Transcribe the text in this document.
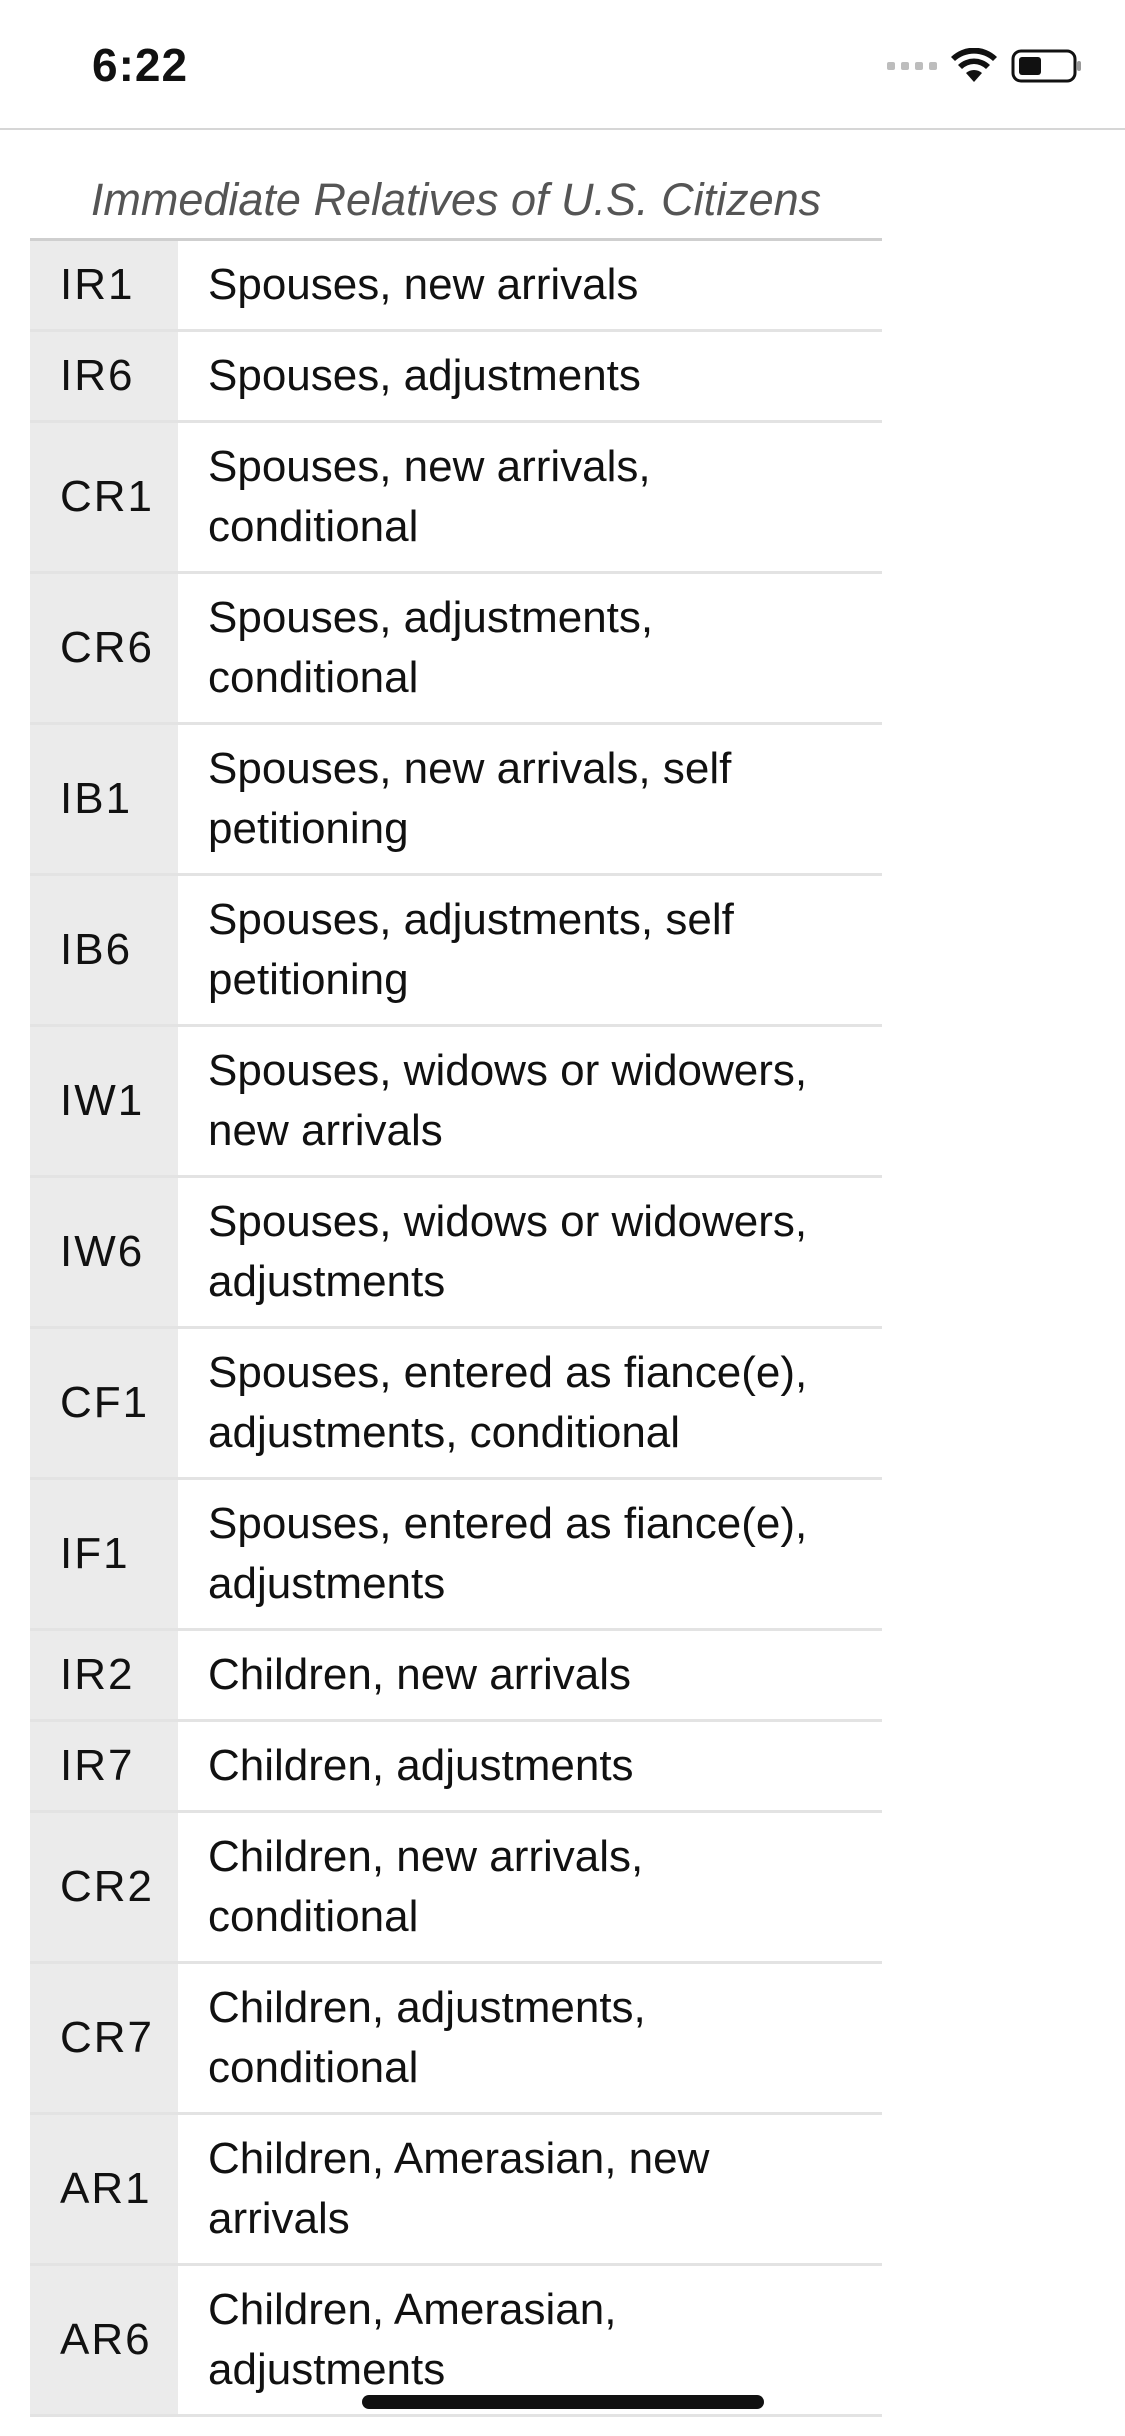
6:22
Immediate Relatives of U.S. Citizens
IR1	Spouses, new arrivals
IR6	Spouses, adjustments
CR1	Spouses, new arrivals, conditional
CR6	Spouses, adjustments, conditional
IB1	Spouses, new arrivals, self petitioning
IB6	Spouses, adjustments, self petitioning
IW1	Spouses, widows or widowers, new arrivals
IW6	Spouses, widows or widowers, adjustments
CF1	Spouses, entered as fiance(e), adjustments, conditional
IF1	Spouses, entered as fiance(e), adjustments
IR2	Children, new arrivals
IR7	Children, adjustments
CR2	Children, new arrivals, conditional
CR7	Children, adjustments, conditional
AR1	Children, Amerasian, new arrivals
AR6	Children, Amerasian, adjustments
